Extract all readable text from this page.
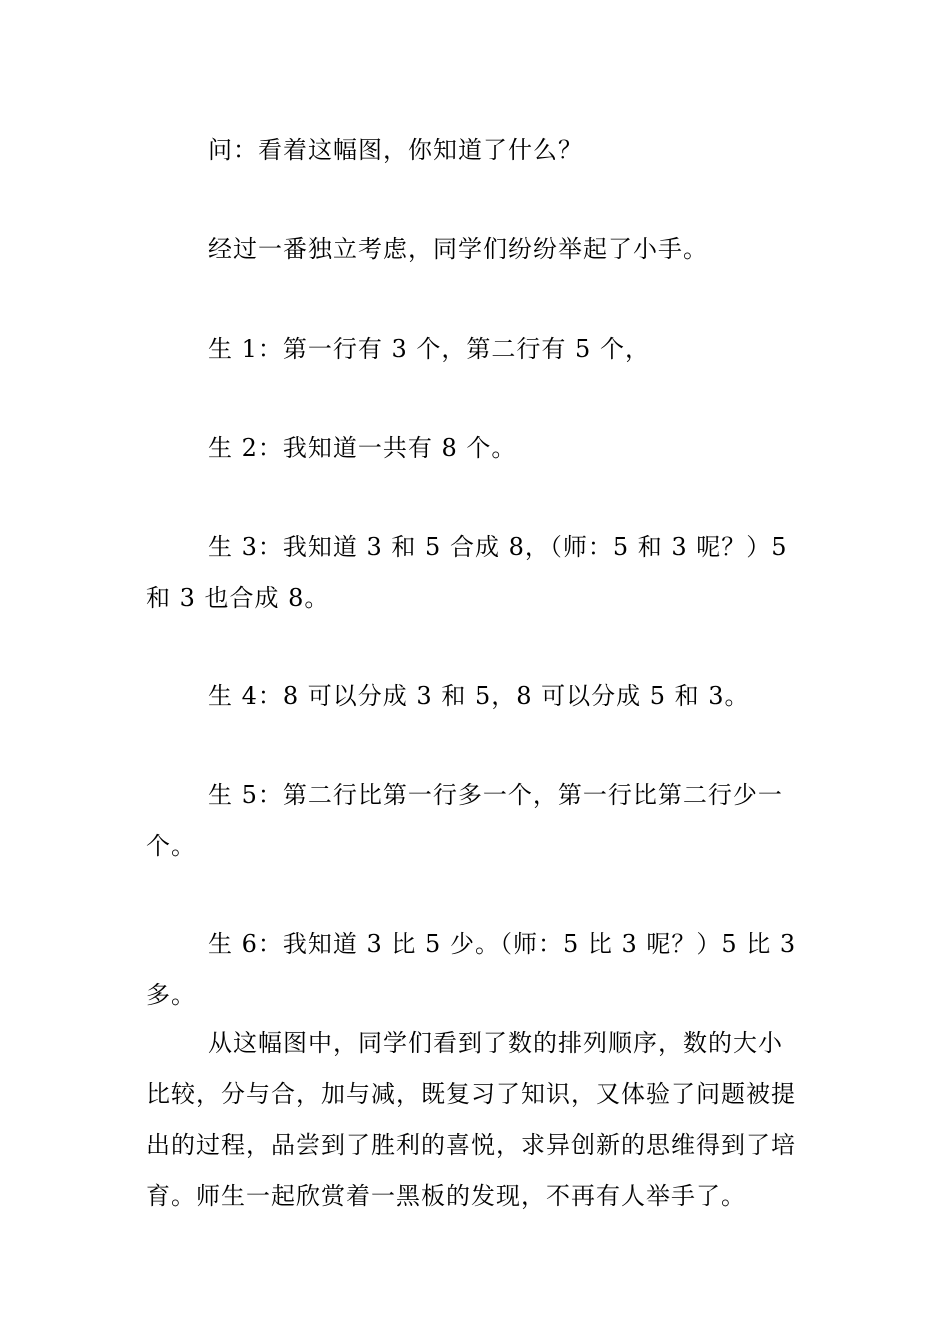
问：看着这幅图，你知道了什么？

经过一番独立考虑，同学们纷纷举起了小手。

生 1：第一行有 3 个，第二行有 5 个，

生 2：我知道一共有 8 个。

生 3：我知道 3 和 5 合成 8，（师：5 和 3 呢？）5 和 3 也合成 8。

生 4：8 可以分成 3 和 5，8 可以分成 5 和 3。

生 5：第二行比第一行多一个，第一行比第二行少一个。

生 6：我知道 3 比 5 少。（师：5 比 3 呢？）5 比 3 多。

从这幅图中，同学们看到了数的排列顺序，数的大小比较，分与合，加与减，既复习了知识，又体验了问题被提出的过程，品尝到了胜利的喜悦，求异创新的思维得到了培育。师生一起欣赏着一黑板的发现，不再有人举手了。
